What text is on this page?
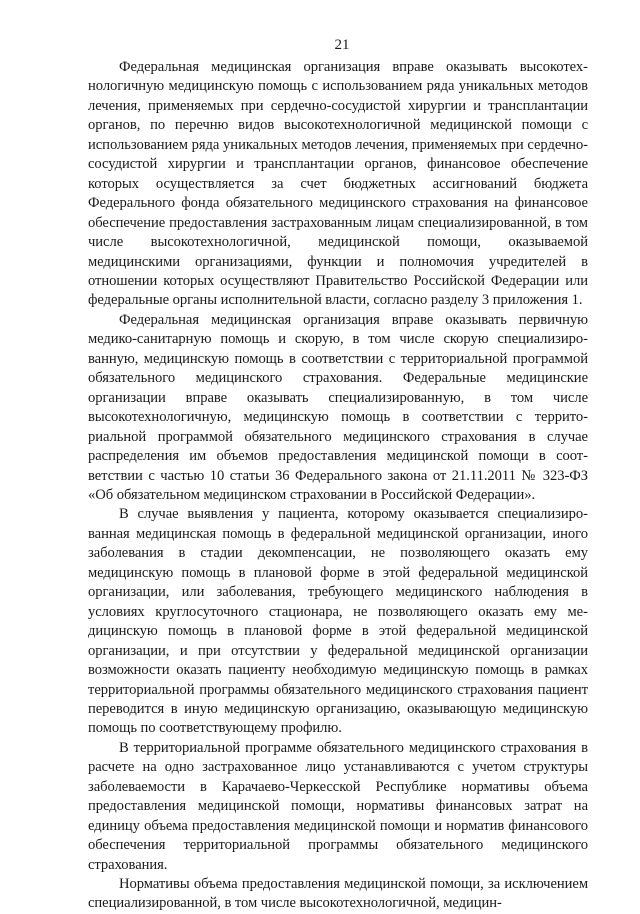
21

Федеральная медицинская организация вправе оказывать высокотехнологичную медицинскую помощь с использованием ряда уникальных методов лечения, применяемых при сердечно-сосудистой хирургии и трансплантации органов, по перечню видов высокотехнологичной медицинской помощи с использованием ряда уникальных методов лечения, применяемых при сердечно-сосудистой хирургии и трансплантации органов, финансовое обеспечение которых осуществляется за счет бюджетных ассигнований бюджета Федерального фонда обязательного медицинского страхования на финансовое обеспечение предоставления застрахованным лицам специализированной, в том числе высокотехнологичной, медицинской помощи, оказываемой медицинскими организациями, функции и полномочия учредителей в отношении которых осуществляют Правительство Российской Федерации или федеральные органы исполнительной власти, согласно разделу 3 приложения 1.

Федеральная медицинская организация вправе оказывать первичную медико-санитарную помощь и скорую, в том числе скорую специализированную, медицинскую помощь в соответствии с территориальной программой обязательного медицинского страхования. Федеральные медицинские организации вправе оказывать специализированную, в том числе высокотехнологичную, медицинскую помощь в соответствии с территориальной программой обязательного медицинского страхования в случае распределения им объемов предоставления медицинской помощи в соответствии с частью 10 статьи 36 Федерального закона от 21.11.2011 № 323-ФЗ «Об обязательном медицинском страховании в Российской Федерации».

В случае выявления у пациента, которому оказывается специализированная медицинская помощь в федеральной медицинской организации, иного заболевания в стадии декомпенсации, не позволяющего оказать ему медицинскую помощь в плановой форме в этой федеральной медицинской организации, или заболевания, требующего медицинского наблюдения в условиях круглосуточного стационара, не позволяющего оказать ему медицинскую помощь в плановой форме в этой федеральной медицинской организации, и при отсутствии у федеральной медицинской организации возможности оказать пациенту необходимую медицинскую помощь в рамках территориальной программы обязательного медицинского страхования пациент переводится в иную медицинскую организацию, оказывающую медицинскую помощь по соответствующему профилю.

В территориальной программе обязательного медицинского страхования в расчете на одно застрахованное лицо устанавливаются с учетом структуры заболеваемости в Карачаево-Черкесской Республике нормативы объема предоставления медицинской помощи, нормативы финансовых затрат на единицу объема предоставления медицинской помощи и норматив финансового обеспечения территориальной программы обязательного медицинского страхования.

Нормативы объема предоставления медицинской помощи, за исключением специализированной, в том числе высокотехнологичной, медицин-
